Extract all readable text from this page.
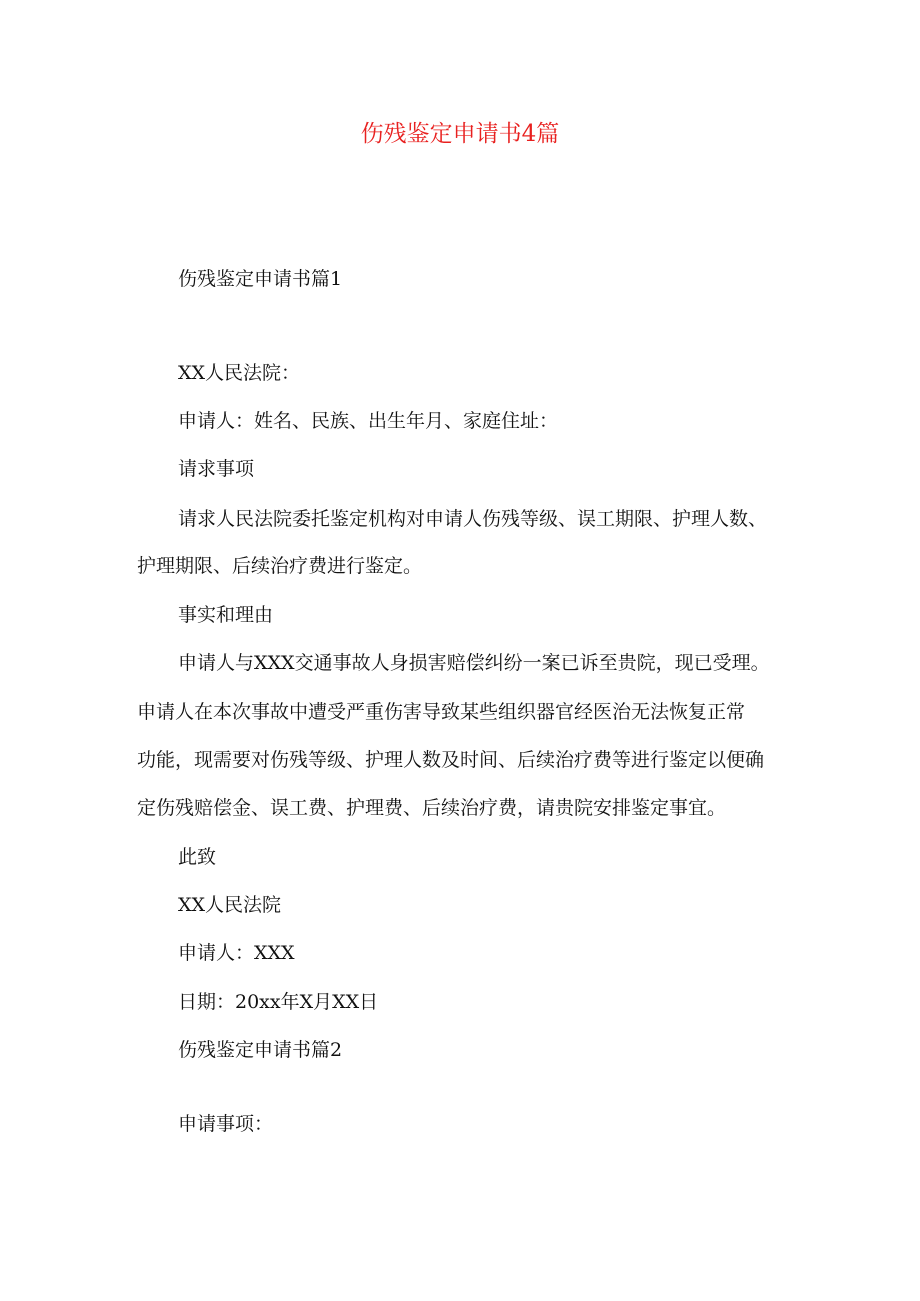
伤残鉴定申请书4篇
伤残鉴定申请书篇1
XX人民法院：
申请人：姓名、民族、出生年月、家庭住址：
请求事项
请求人民法院委托鉴定机构对申请人伤残等级、误工期限、护理人数、
护理期限、后续治疗费进行鉴定。
事实和理由
申请人与XXX交通事故人身损害赔偿纠纷一案已诉至贵院，现已受理。
申请人在本次事故中遭受严重伤害导致某些组织器官经医治无法恢复正常
功能，现需要对伤残等级、护理人数及时间、后续治疗费等进行鉴定以便确
定伤残赔偿金、误工费、护理费、后续治疗费，请贵院安排鉴定事宜。
此致
XX人民法院
申请人：XXX
日期：20xx年X月XX日
伤残鉴定申请书篇2
申请事项：
